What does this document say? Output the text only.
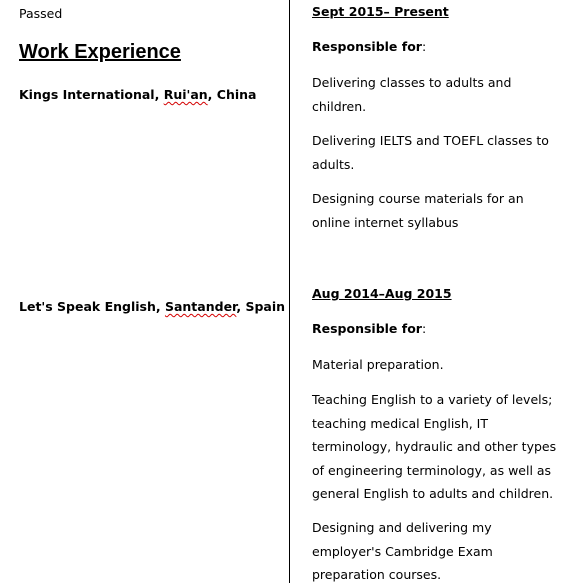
Passed
Work Experience
Kings International, Rui'an, China
Let's Speak English, Santander, Spain
Sept 2015– Present
Responsible for:
Delivering classes to adults and
children.
Delivering IELTS and TOEFL classes to
adults.
Designing course materials for an
online internet syllabus
Aug 2014–Aug 2015
Responsible for:
Material preparation.
Teaching English to a variety of levels;
teaching medical English, IT
terminology, hydraulic and other types
of engineering terminology, as well as
general English to adults and children.
Designing and delivering my
employer's Cambridge Exam
preparation courses.
